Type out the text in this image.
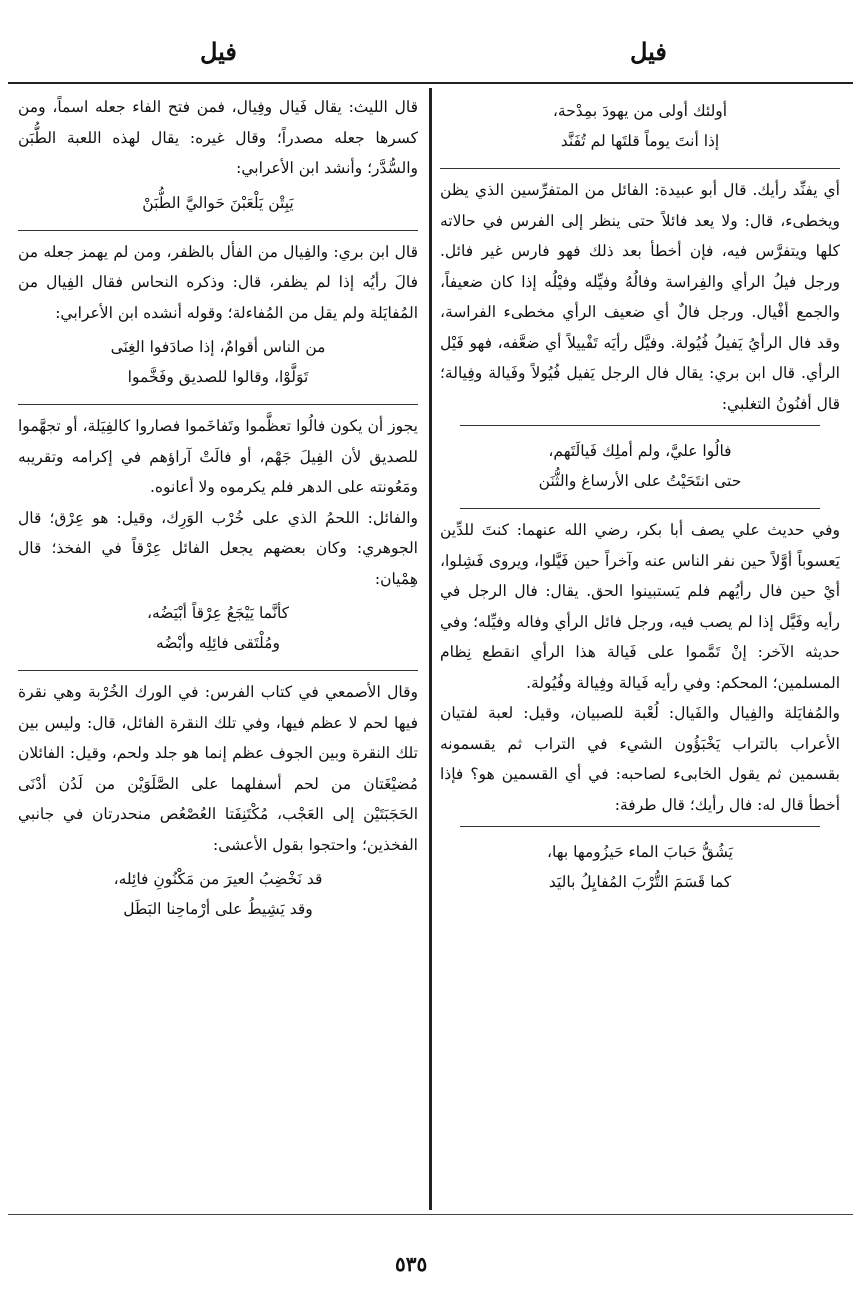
فيل
فيل

أولئك أولى من يهودَ بمِدْحة،

إذا أنتَ يوماً قلتَها لم تُفَنَّد

أي يفنِّد رأيك. قال أبو عبيدة: الفائل من المتفرِّسين الذي يظن ويخطىء، قال: ولا يعد فائلاً حتى ينظر إلى الفرس في حالاته كلها ويتفرَّس فيه، فإن أخطأ بعد ذلك فهو فارس غير فائل. ورجل فيلُ الرأي والفِراسة وفالُهُ وفيِّله وفيْلُه إذا كان ضعيفاً، والجمع أفْيال. ورجل فالٌ أي ضعيف الرأي مخطىء الفراسة، وقد فال الرأيُ يَفيلُ فُيُولة. وفيَّل رأيَه تَفْييلاً أي ضعَّفه، فهو فَيْل الرأي. قال ابن بري: يقال فال الرجل يَفيل فُيُولاً وفَيالة وفِيالة؛ قال أفنُونُ التغلبي:

فالُوا عليَّ، ولم أملِك فَيالَتَهم،

حتى انتَحَيْتُ على الأرساغ والثُّنَن

وفي حديث علي يصف أبا بكر، رضي الله عنهما: كنتَ للدِّين يَعسوباً أوَّلاً حين نفر الناس عنه وآخراً حين فَيَّلوا، ويروى فَشِلوا، أيْ حين فال رأيُهم فلم يَستبينوا الحق. يقال: فال الرجل في رأيه وفَيَّل إذا لم يصب فيه، ورجل فائل الرأي وفاله وفيِّله؛ وفي حديثه الآخر: إنْ تَمَّموا على فَيالة هذا الرأي انقطع نِظام المسلمين؛ المحكم: وفي رأيه فَيالة وفِيالة وفُيُولة.

والمُفايَلة والفِيال والفَيال: لُعْبة للصبيان، وقيل: لعبة لفتيان الأعراب بالتراب يَخْبَؤُون الشيء في التراب ثم يقسمونه بقسمين ثم يقول الخابىء لصاحبه: في أي القسمين هو؟ فإذا أخطأ قال له: فال رأيك؛ قال طرفة:

يَشُقُّ حَبابَ الماء حَيزُومها بها،

كما قَسَمَ التُّرْبَ المُفايِلُ باليَد

قال الليث: يقال فَيال وفِيال، فمن فتح الفاء جعله اسماً، ومن كسرها جعله مصدراً؛ وقال غيره: يقال لهذه اللعبة الطُّبَن والسُّدَّر؛ وأنشد ابن الأعرابي:

يَبِتْن يَلْعَبْنَ حَواليَّ الطُّبَنْ

قال ابن بري: والفِيال من الفأل بالظفر، ومن لم يهمز جعله من فالَ رأيُه إذا لم يظفر، قال: وذكره النحاس فقال الفِيال من المُفايَلة ولم يقل من المُفاءلة؛ وقوله أنشده ابن الأعرابي:

من الناس أقوامٌ، إذا صادَفوا الغِنَى

تَوَلَّوْا، وقالوا للصديق وفَخَّموا

يجوز أن يكون فالُوا تعظَّموا وتَفاخَموا فصاروا كالفِيَلة، أو تجهَّموا للصديق لأن الفِيلَ جَهْم، أو فالَتْ آراؤهم في إكرامه وتقريبه ومَعُونته على الدهر فلم يكرموه ولا أعانوه.

والفائل: اللحمُ الذي على خُرْب الوَرِك، وقيل: هو عِرْق؛ قال الجوهري: وكان بعضهم يجعل الفائل عِرْقاً في الفخذ؛ قال هِمْيان:

كأنَّما يَيْجَعُ عِرْقاً أبْيَضُه،

ومُلْتَقى فائِلِه وأبْضُه

وقال الأصمعي في كتاب الفرس: في الورك الخُرْبة وهي نقرة فيها لحم لا عظم فيها، وفي تلك النقرة الفائل، قال: وليس بين تلك النقرة وبين الجوف عظم إنما هو جلد ولحم، وقيل: الفائلان مُضيْغَتان من لحم أسفلهما على الصَّلَوَيْن من لَدُن أدْنَى الحَجَبَتَيْن إلى العَجْب، مُكْتَنِفَتا العُصْعُص منحدرتان في جانبي الفخذين؛ واحتجوا بقول الأعشى:

قد نَخْضِبُ العيرَ من مَكْنُونِ فائِله،

وقد يَشِيطُ على أرْماحِنا البَطَل

٥٣٥
